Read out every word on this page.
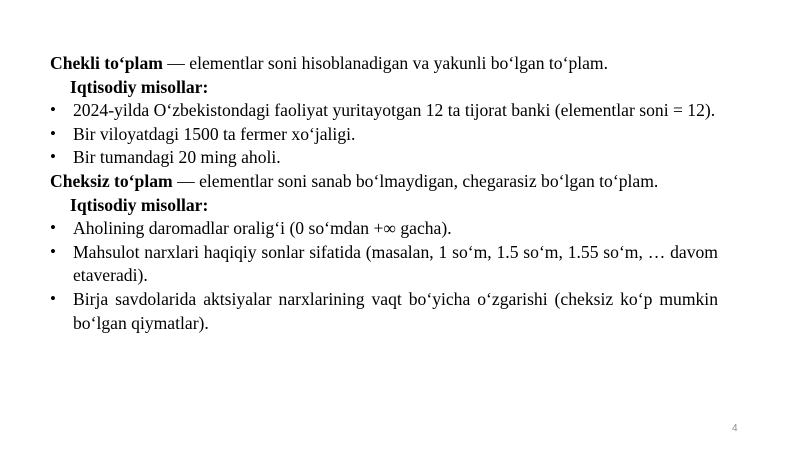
Chekli to‘plam — elementlar soni hisoblanadigan va yakunli bo‘lgan to‘plam.

Iqtisodiy misollar:

• 2024-yilda O‘zbekistondagi faoliyat yuritayotgan 12 ta tijorat banki (elementlar soni = 12).
• Bir viloyatdagi 1500 ta fermer xo‘jaligi.
• Bir tumandagi 20 ming aholi.

Cheksiz to‘plam — elementlar soni sanab bo‘lmaydigan, chegarasiz bo‘lgan to‘plam.

Iqtisodiy misollar:

• Aholining daromadlar oralig‘i (0 so‘mdan +∞ gacha).
• Mahsulot narxlari haqiqiy sonlar sifatida (masalan, 1 so‘m, 1.5 so‘m, 1.55 so‘m, … davom etaveradi).
• Birja savdolarida aktsiyalar narxlarining vaqt bo‘yicha o‘zgarishi (cheksiz ko‘p mumkin bo‘lgan qiymatlar).
4
